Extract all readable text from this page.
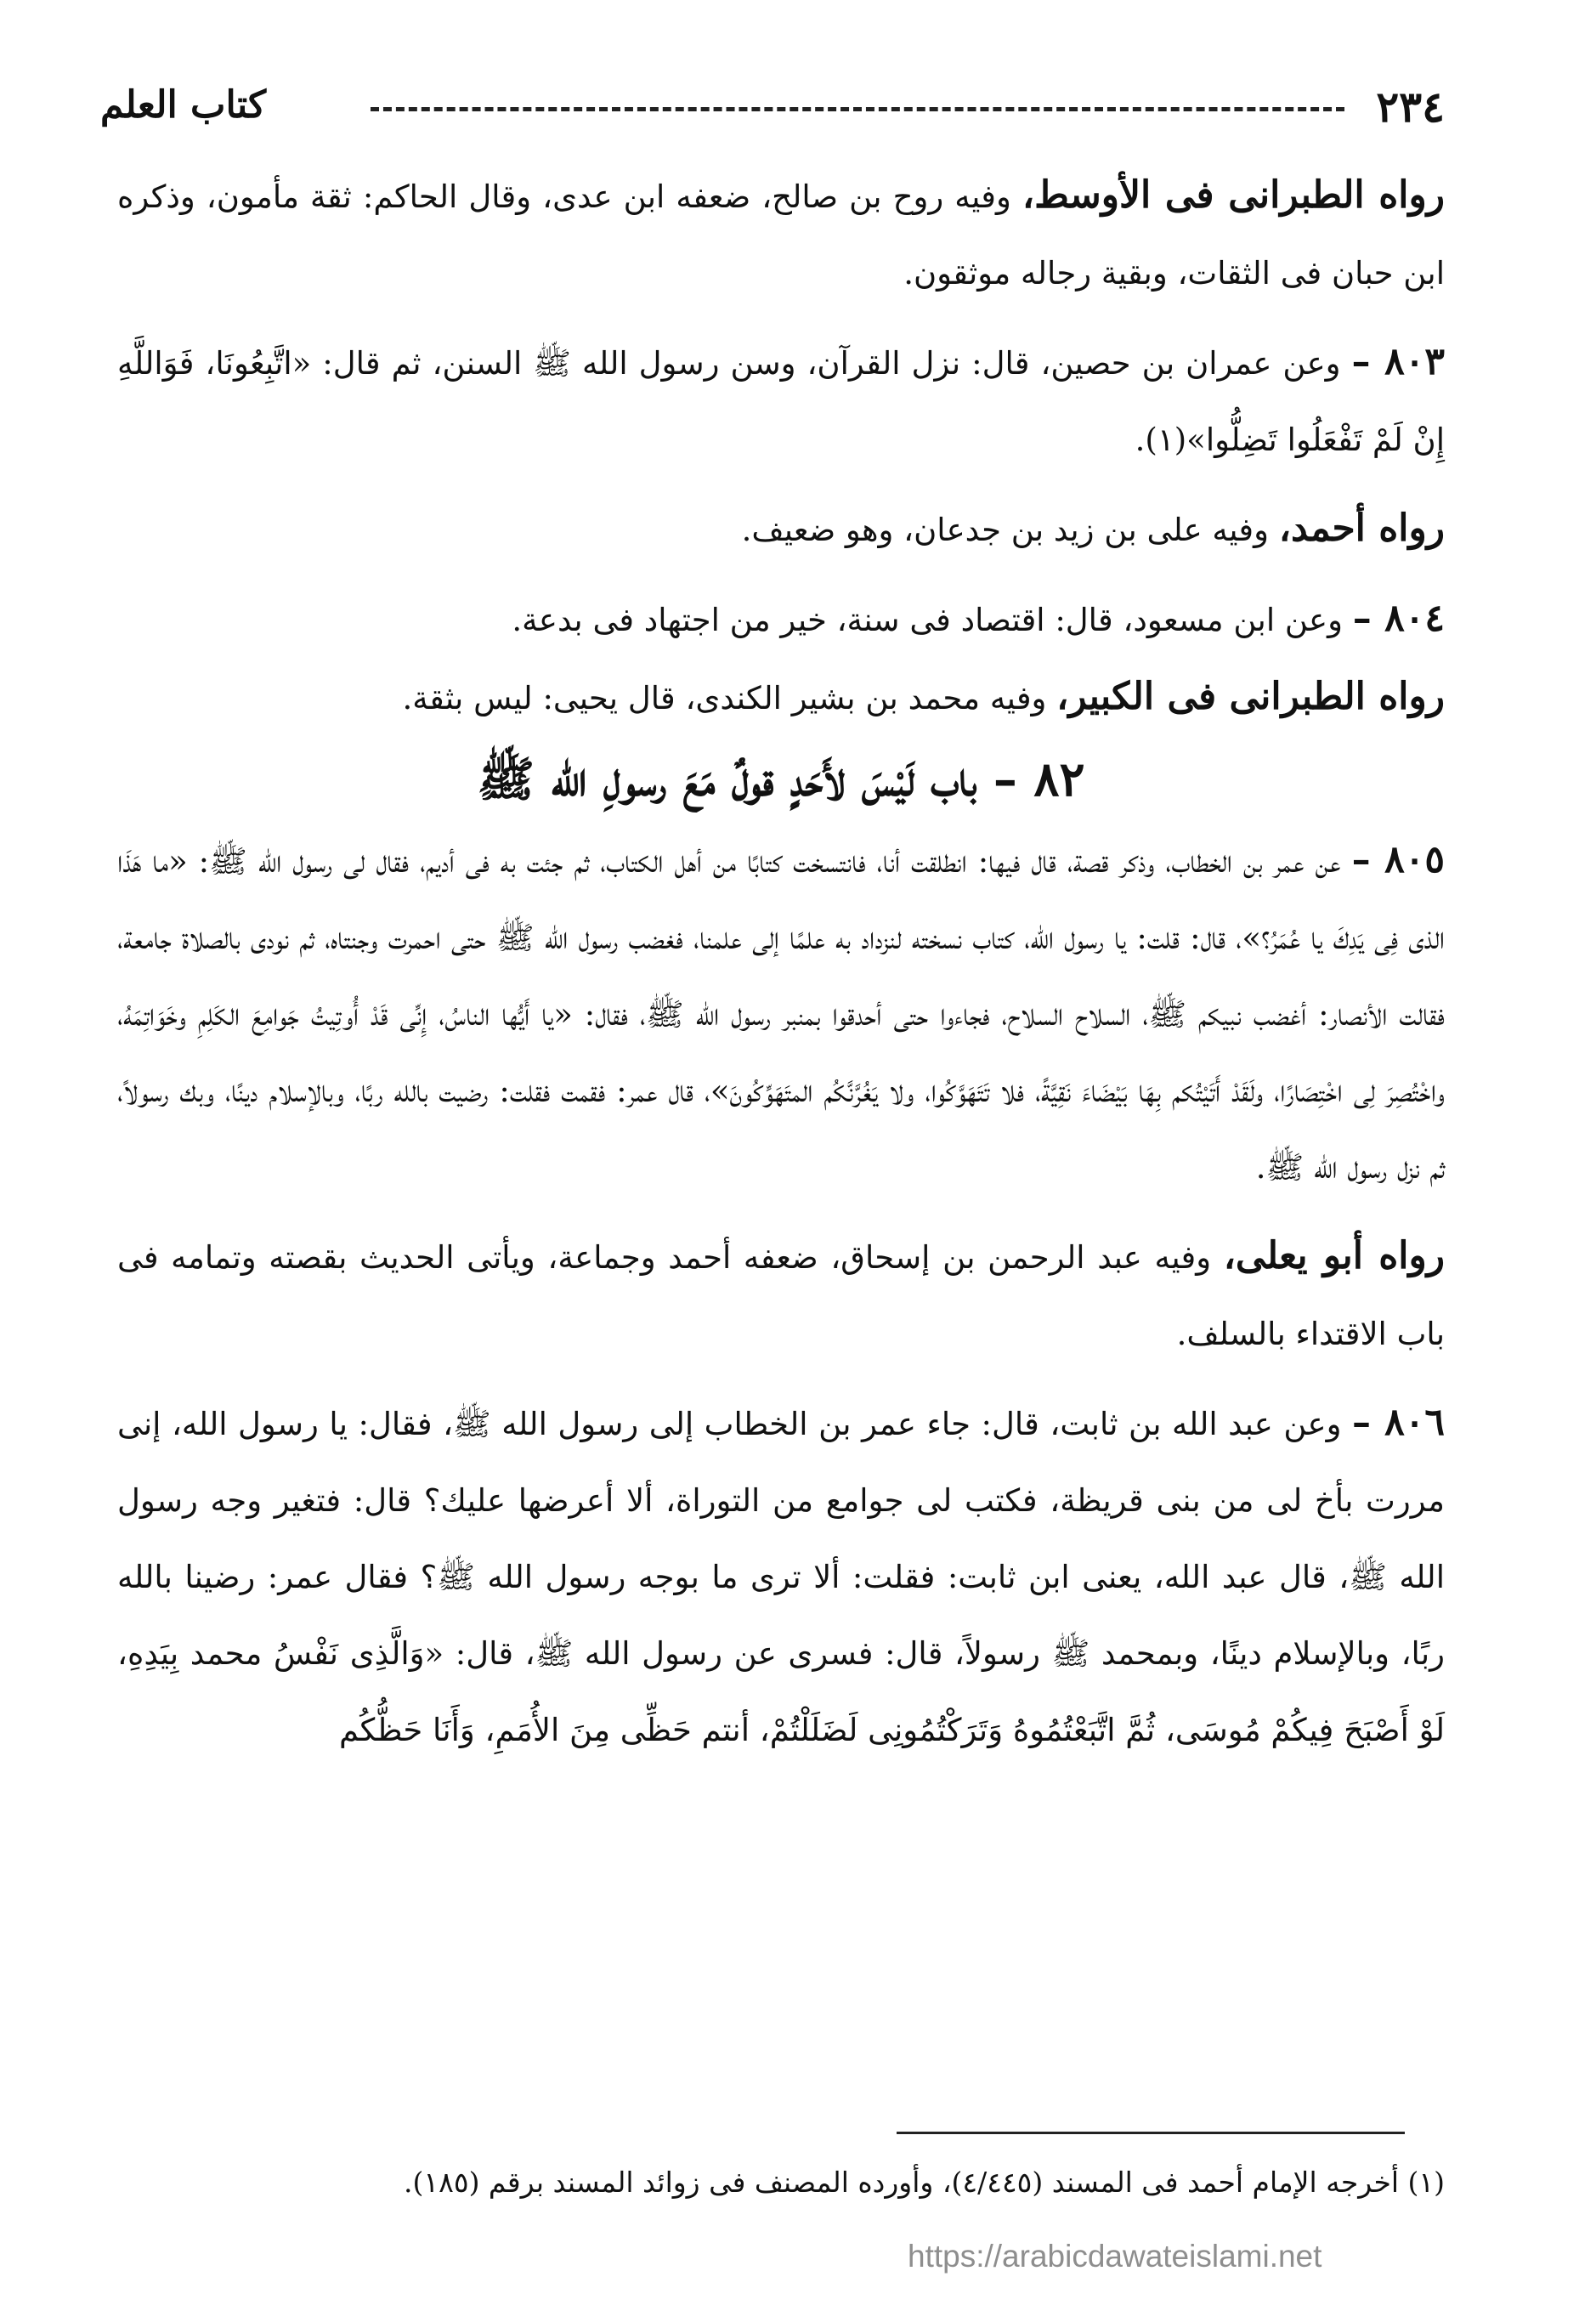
٢٣٤
كتاب العلم

رواه الطبرانى فى الأوسط، وفيه روح بن صالح، ضعفه ابن عدى، وقال الحاكم: ثقة مأمون، وذكره ابن حبان فى الثقات، وبقية رجاله موثقون.

٨٠٣ – وعن عمران بن حصين، قال: نزل القرآن، وسن رسول الله ﷺ السنن، ثم قال: «اتَّبِعُونَا، فَوَاللَّهِ إِنْ لَمْ تَفْعَلُوا تَضِلُّوا»(١).

رواه أحمد، وفيه على بن زيد بن جدعان، وهو ضعيف.

٨٠٤ – وعن ابن مسعود، قال: اقتصاد فى سنة، خير من اجتهاد فى بدعة.

رواه الطبرانى فى الكبير، وفيه محمد بن بشير الكندى، قال يحيى: ليس بثقة.

٨٢ – باب لَيْسَ لأَحَدٍ قولٌ مَعَ رسولِ الله ﷺ

٨٠٥ – عن عمر بن الخطاب، وذكر قصة، قال فيها: انطلقت أنا، فانتسخت كتابًا من أهل الكتاب، ثم جئت به فى أديم، فقال لى رسول الله ﷺ: «ما هَذَا الذى فِى يَدِكَ يا عُمَرُ؟»، قال: قلت: يا رسول الله، كتاب نسخته لنزداد به علمًا إلى علمنا، فغضب رسول الله ﷺ حتى احمرت وجنتاه، ثم نودى بالصلاة جامعة، فقالت الأنصار: أغضب نبيكم ﷺ، السلاح السلاح، فجاءوا حتى أحدقوا بمنبر رسول الله ﷺ، فقال: «يا أَيُّها الناسُ، إِنِّى قَدْ أُوتِيتُ جَوامِعَ الكَلِمِ وخَوَاتِمَهُ، واخْتُصِرَ لِى اخْتِصَارًا، ولَقَدْ أَتَيْتُكم بِهَا بَيْضَاءَ نَقِيَّةً، فلا تَتَهَوَّكُوا، ولا يَغُرَّنَّكُم المتَهَوِّكُونَ»، قال عمر: فقمت فقلت: رضيت بالله ربًا، وبالإسلام دينًا، وبك رسولاً، ثم نزل رسول الله ﷺ.

رواه أبو يعلى، وفيه عبد الرحمن بن إسحاق، ضعفه أحمد وجماعة، ويأتى الحديث بقصته وتمامه فى باب الاقتداء بالسلف.

٨٠٦ – وعن عبد الله بن ثابت، قال: جاء عمر بن الخطاب إلى رسول الله ﷺ، فقال: يا رسول الله، إنى مررت بأخ لى من بنى قريظة، فكتب لى جوامع من التوراة، ألا أعرضها عليك؟ قال: فتغير وجه رسول الله ﷺ، قال عبد الله، يعنى ابن ثابت: فقلت: ألا ترى ما بوجه رسول الله ﷺ؟ فقال عمر: رضينا بالله ربًا، وبالإسلام دينًا، وبمحمد ﷺ رسولاً، قال: فسرى عن رسول الله ﷺ، قال: «وَالَّذِى نَفْسُ محمد بِيَدِهِ، لَوْ أَصْبَحَ فِيكُمْ مُوسَى، ثُمَّ اتَّبَعْتُمُوهُ وَتَرَكْتُمُونِى لَضَلَلْتُمْ، أنتم حَظِّى مِنَ الأُمَمِ، وَأَنَا حَظُّكُم

(١) أخرجه الإمام أحمد فى المسند (٤/٤٤٥)، وأورده المصنف فى زوائد المسند برقم (١٨٥).
https://arabicdawateislami.net
